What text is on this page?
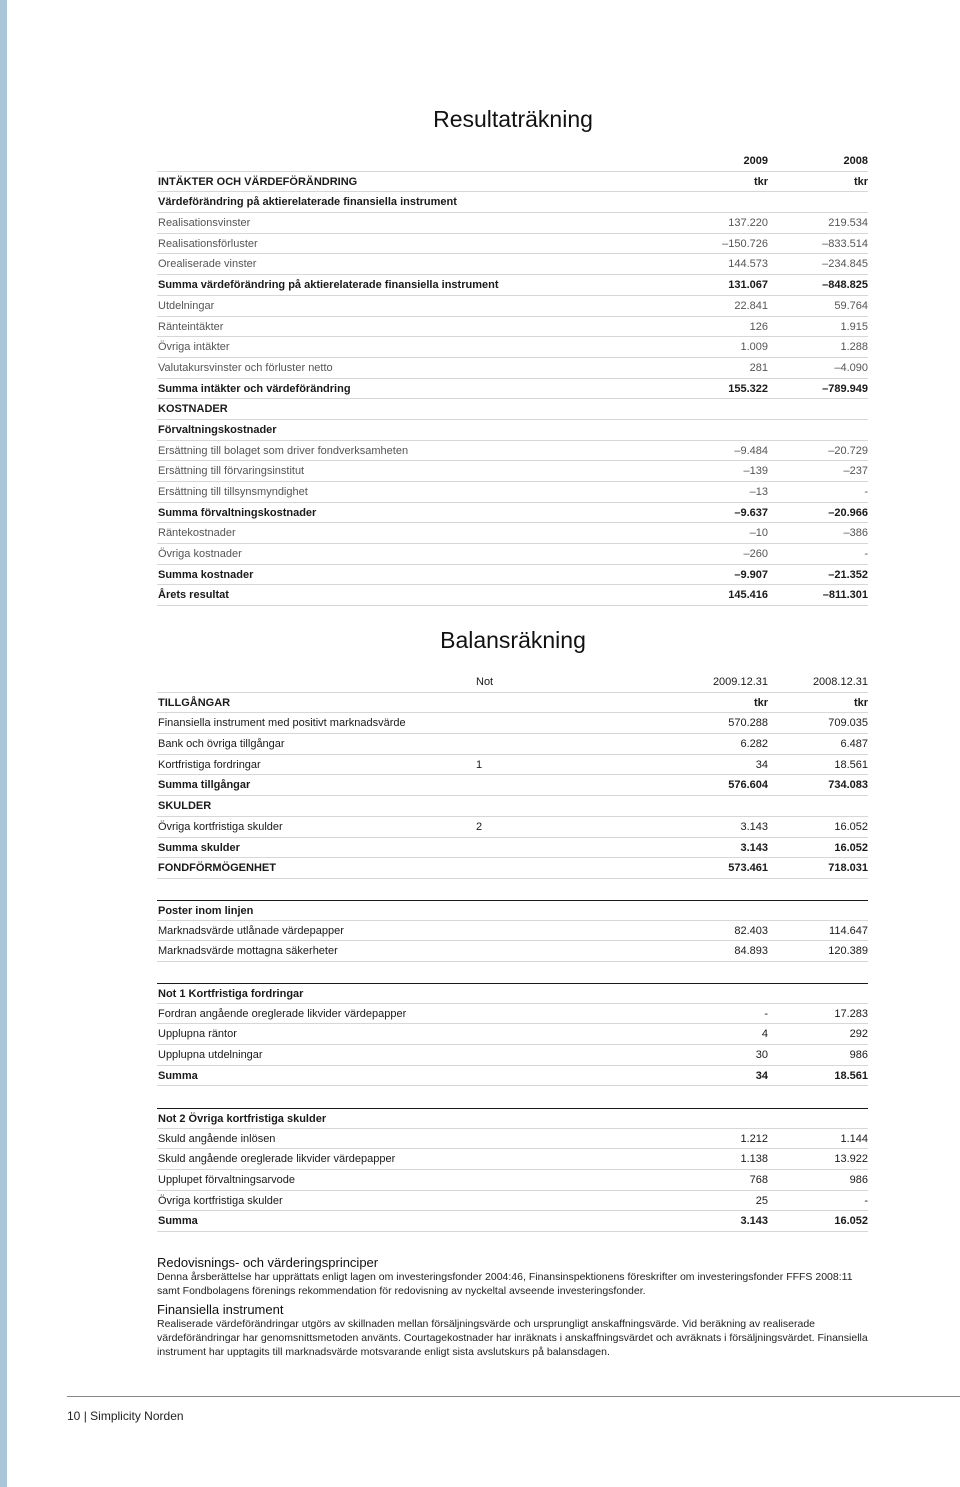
Resultaträkning
2009	2008
INTÄKTER OCH VÄRDEFÖRÄNDRING	tkr	tkr
Värdeförändring på aktierelaterade finansiella instrument
Realisationsvinster	137.220	219.534
Realisationsförluster	–150.726	–833.514
Orealiserade vinster	144.573	–234.845
Summa värdeförändring på aktierelaterade finansiella instrument	131.067	–848.825
Utdelningar	22.841	59.764
Ränteintäkter	126	1.915
Övriga intäkter	1.009	1.288
Valutakursvinster och förluster netto	281	–4.090
Summa intäkter och värdeförändring	155.322	–789.949
KOSTNADER
Förvaltningskostnader
Ersättning till bolaget som driver fondverksamheten	–9.484	–20.729
Ersättning till förvaringsinstitut	–139	–237
Ersättning till tillsynsmyndighet	–13	-
Summa förvaltningskostnader	–9.637	–20.966
Räntekostnader	–10	–386
Övriga kostnader	–260	-
Summa kostnader	–9.907	–21.352
Årets resultat	145.416	–811.301
Balansräkning
Not	2009.12.31	2008.12.31
TILLGÅNGAR	tkr	tkr
Finansiella instrument med positivt marknadsvärde	570.288	709.035
Bank och övriga tillgångar	6.282	6.487
Kortfristiga fordringar	1	34	18.561
Summa tillgångar	576.604	734.083
SKULDER
Övriga kortfristiga skulder	2	3.143	16.052
Summa skulder	3.143	16.052
FONDFÖRMÖGENHET	573.461	718.031
Poster inom linjen
Marknadsvärde utlånade värdepapper	82.403	114.647
Marknadsvärde mottagna säkerheter	84.893	120.389
Not 1 Kortfristiga fordringar
Fordran angående oreglerade likvider värdepapper	-	17.283
Upplupna räntor	4	292
Upplupna utdelningar	30	986
Summa	34	18.561
Not 2 Övriga kortfristiga skulder
Skuld angående inlösen	1.212	1.144
Skuld angående oreglerade likvider värdepapper	1.138	13.922
Upplupet förvaltningsarvode	768	986
Övriga kortfristiga skulder	25	-
Summa	3.143	16.052
Redovisnings- och värderingsprinciper

Denna årsberättelse har upprättats enligt lagen om investeringsfonder 2004:46, Finansinspektionens föreskrifter om investeringsfonder FFFS 2008:11 samt Fondbolagens förenings rekommendation för redovisning av nyckeltal avseende investeringsfonder.

Finansiella instrument

Realiserade värdeförändringar utgörs av skillnaden mellan försäljningsvärde och ursprungligt anskaffningsvärde. Vid beräkning av realiserade värdeförändringar har genomsnittsmetoden använts. Courtagekostnader har inräknats i anskaffningsvärdet och avräknats i försäljningsvärdet. Finansiella instrument har upptagits till marknadsvärde motsvarande enligt sista avslutskurs på balansdagen.

10 | Simplicity Norden
